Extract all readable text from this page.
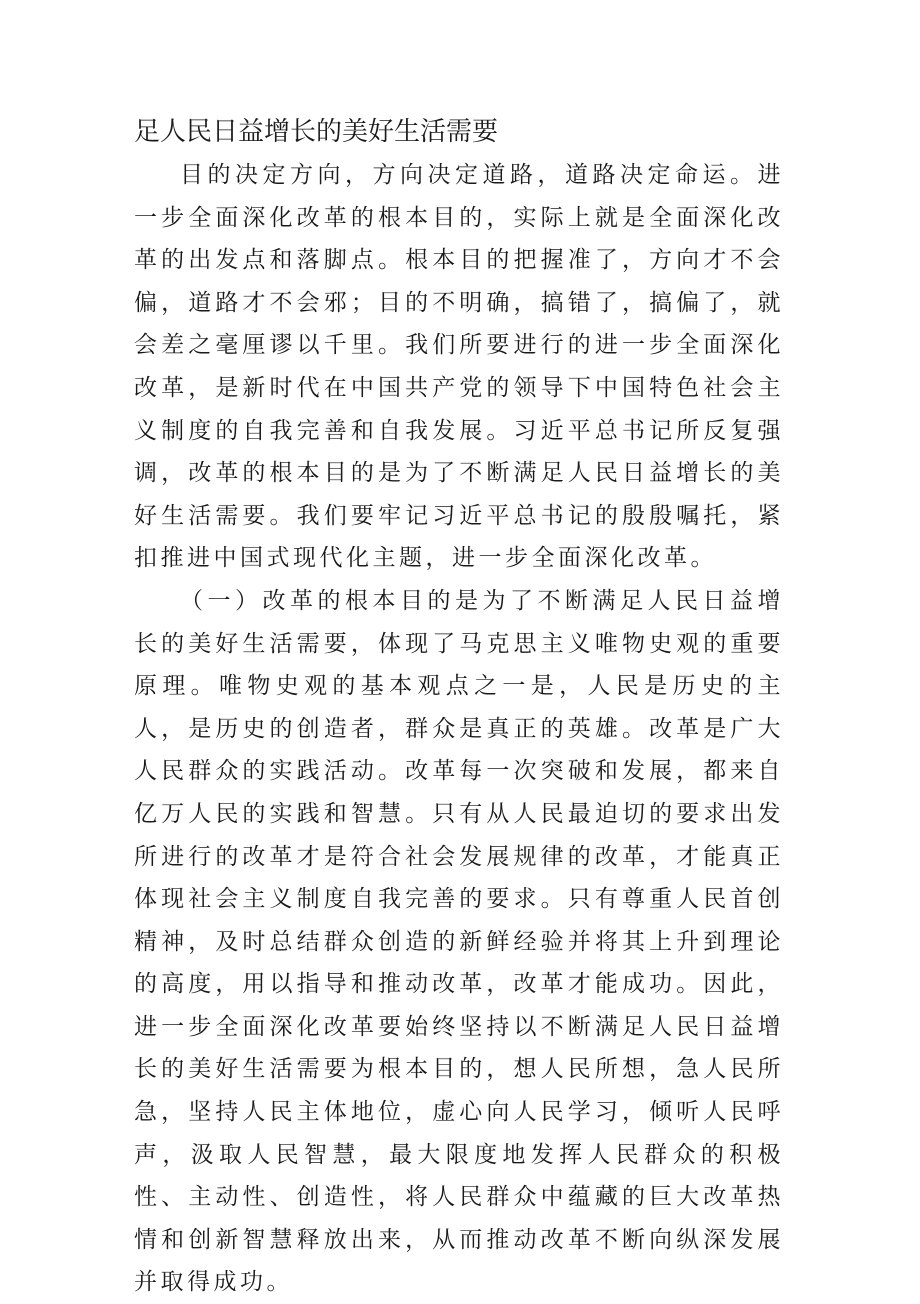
足人民日益增长的美好生活需要

目的决定方向，方向决定道路，道路决定命运。进一步全面深化改革的根本目的，实际上就是全面深化改革的出发点和落脚点。根本目的把握准了，方向才不会偏，道路才不会邪；目的不明确，搞错了，搞偏了，就会差之毫厘谬以千里。我们所要进行的进一步全面深化改革，是新时代在中国共产党的领导下中国特色社会主义制度的自我完善和自我发展。习近平总书记所反复强调，改革的根本目的是为了不断满足人民日益增长的美好生活需要。我们要牢记习近平总书记的殷殷嘱托，紧扣推进中国式现代化主题，进一步全面深化改革。

（一）改革的根本目的是为了不断满足人民日益增长的美好生活需要，体现了马克思主义唯物史观的重要原理。唯物史观的基本观点之一是，人民是历史的主人，是历史的创造者，群众是真正的英雄。改革是广大人民群众的实践活动。改革每一次突破和发展，都来自亿万人民的实践和智慧。只有从人民最迫切的要求出发所进行的改革才是符合社会发展规律的改革，才能真正体现社会主义制度自我完善的要求。只有尊重人民首创精神，及时总结群众创造的新鲜经验并将其上升到理论的高度，用以指导和推动改革，改革才能成功。因此，进一步全面深化改革要始终坚持以不断满足人民日益增长的美好生活需要为根本目的，想人民所想，急人民所急，坚持人民主体地位，虚心向人民学习，倾听人民呼声，汲取人民智慧，最大限度地发挥人民群众的积极性、主动性、创造性，将人民群众中蕴藏的巨大改革热情和创新智慧释放出来，从而推动改革不断向纵深发展并取得成功。
